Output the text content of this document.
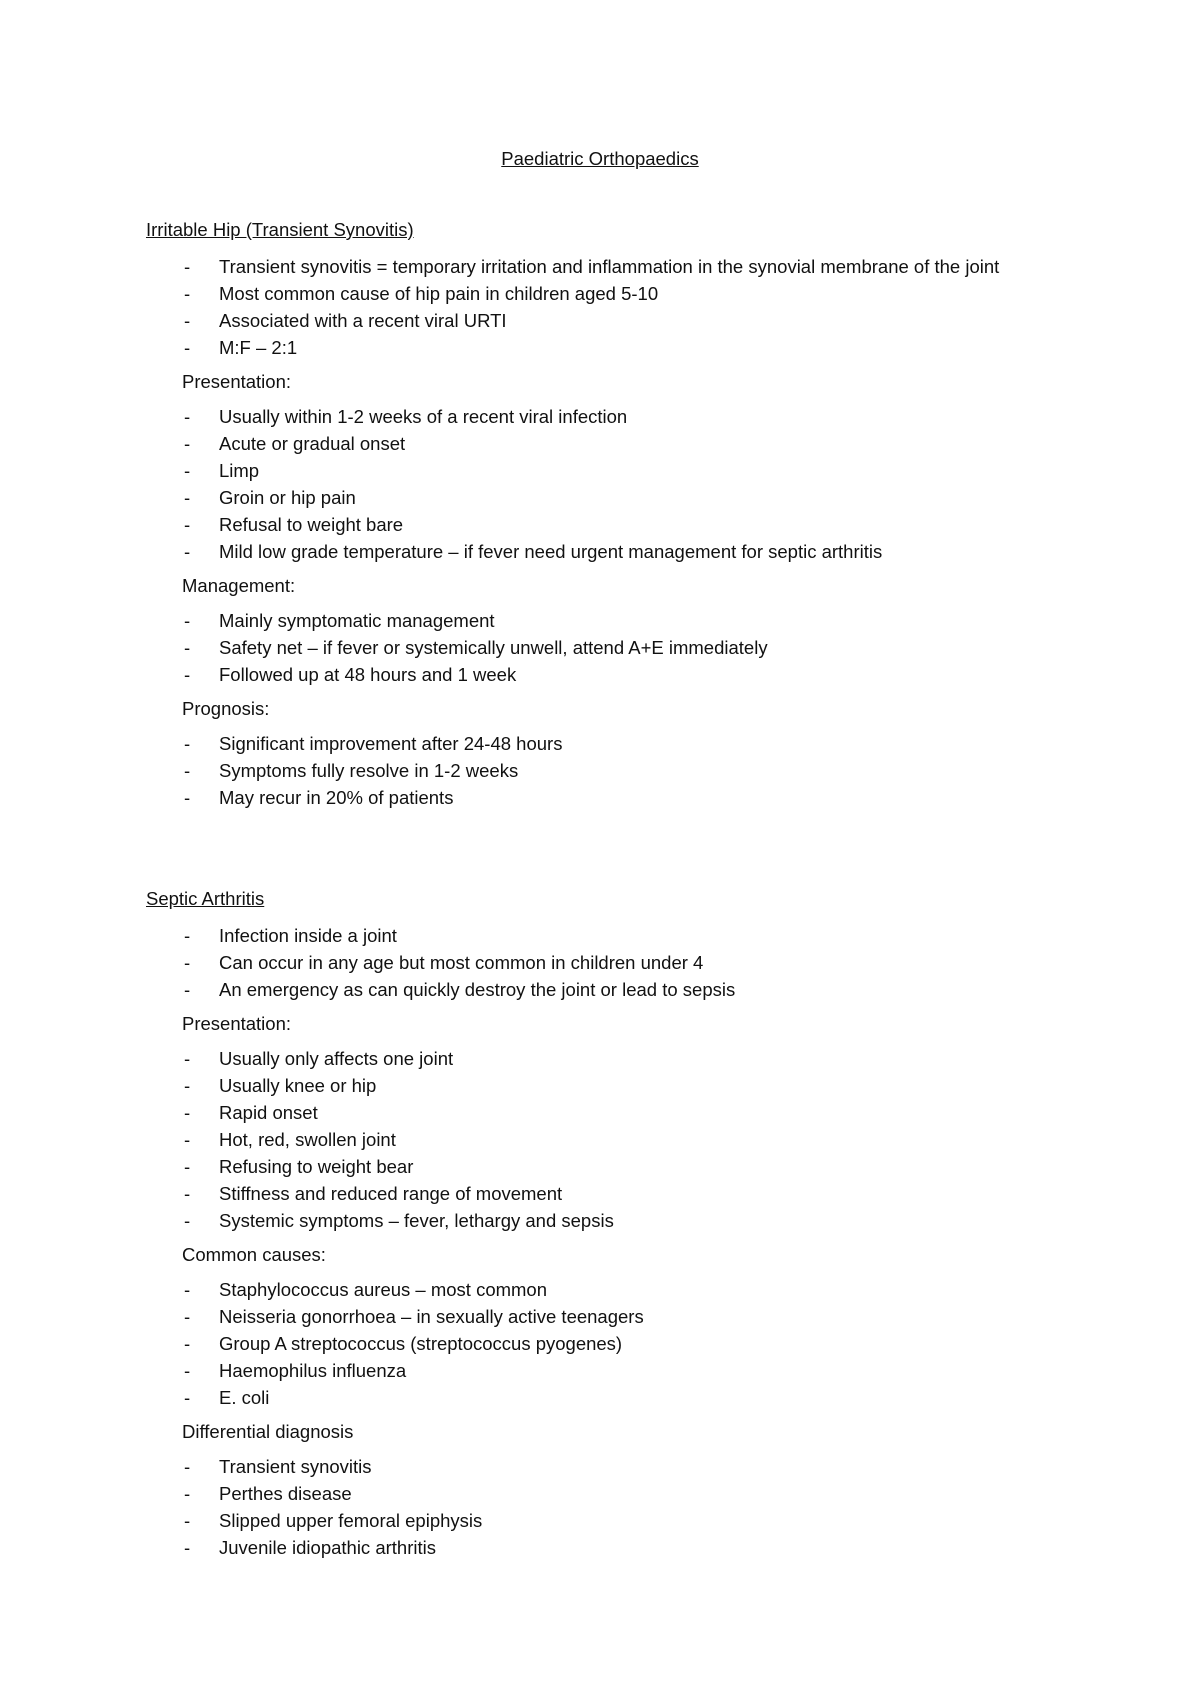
Paediatric Orthopaedics
Irritable Hip (Transient Synovitis)
- Transient synovitis = temporary irritation and inflammation in the synovial membrane of the joint
- Most common cause of hip pain in children aged 5-10
- Associated with a recent viral URTI
- M:F – 2:1
Presentation:
- Usually within 1-2 weeks of a recent viral infection
- Acute or gradual onset
- Limp
- Groin or hip pain
- Refusal to weight bare
- Mild low grade temperature – if fever need urgent management for septic arthritis
Management:
- Mainly symptomatic management
- Safety net – if fever or systemically unwell, attend A+E immediately
- Followed up at 48 hours and 1 week
Prognosis:
- Significant improvement after 24-48 hours
- Symptoms fully resolve in 1-2 weeks
- May recur in 20% of patients
Septic Arthritis
- Infection inside a joint
- Can occur in any age but most common in children under 4
- An emergency as can quickly destroy the joint or lead to sepsis
Presentation:
- Usually only affects one joint
- Usually knee or hip
- Rapid onset
- Hot, red, swollen joint
- Refusing to weight bear
- Stiffness and reduced range of movement
- Systemic symptoms – fever, lethargy and sepsis
Common causes:
- Staphylococcus aureus – most common
- Neisseria gonorrhoea – in sexually active teenagers
- Group A streptococcus (streptococcus pyogenes)
- Haemophilus influenza
- E. coli
Differential diagnosis
- Transient synovitis
- Perthes disease
- Slipped upper femoral epiphysis
- Juvenile idiopathic arthritis
